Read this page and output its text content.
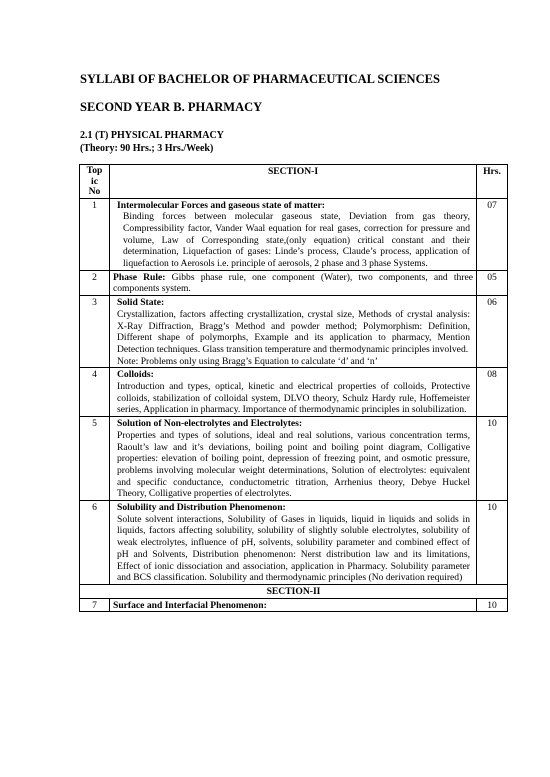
SYLLABI OF BACHELOR OF PHARMACEUTICAL SCIENCES
SECOND YEAR B. PHARMACY
2.1 (T) PHYSICAL PHARMACY
(Theory: 90 Hrs.; 3 Hrs./Week)
Top
ic
No	SECTION-I	Hrs.
1	Intermolecular Forces and gaseous state of matter:
Binding forces between molecular gaseous state, Deviation from gas theory, Compressibility factor, Vander Waal equation for real gases, correction for pressure and volume, Law of Corresponding state,(only equation) critical constant and their determination, Liquefaction of gases: Linde’s process, Claude’s process, application of liquefaction to Aerosols i.e. principle of aerosols, 2 phase and 3 phase Systems.	07
2	Phase Rule: Gibbs phase rule, one component (Water), two components, and three components system.	05
3	Solid State:
Crystallization, factors affecting crystallization, crystal size, Methods of crystal analysis: X-Ray Diffraction, Bragg’s Method and powder method; Polymorphism: Definition, Different shape of polymorphs, Example and its application to pharmacy, Mention Detection techniques. Glass transition temperature and thermodynamic principles involved.
Note: Problems only using Bragg’s Equation to calculate ‘d’ and ‘n’	06
4	Colloids:
Introduction and types, optical, kinetic and electrical properties of colloids, Protective colloids, stabilization of colloidal system, DLVO theory, Schulz Hardy rule, Hoffemeister series, Application in pharmacy. Importance of thermodynamic principles in solubilization.	08
5	Solution of Non-electrolytes and Electrolytes:
Properties and types of solutions, ideal and real solutions, various concentration terms, Raoult’s law and it’s deviations, boiling point and boiling point diagram, Colligative properties: elevation of boiling point, depression of freezing point, and osmotic pressure, problems involving molecular weight determinations, Solution of electrolytes: equivalent and specific conductance, conductometric titration, Arrhenius theory, Debye Huckel Theory, Colligative properties of electrolytes.	10
6	Solubility and Distribution Phenomenon:
Solute solvent interactions, Solubility of Gases in liquids, liquid in liquids and solids in liquids, factors affecting solubility, solubility of slightly soluble electrolytes, solubility of weak electrolytes, influence of pH, solvents, solubility parameter and combined effect of pH and Solvents, Distribution phenomenon: Nerst distribution law and its limitations, Effect of ionic dissociation and association, application in Pharmacy. Solubility parameter and BCS classification. Solubility and thermodynamic principles (No derivation required)	10
SECTION-II		
7	Surface and Interfacial Phenomenon:	10
